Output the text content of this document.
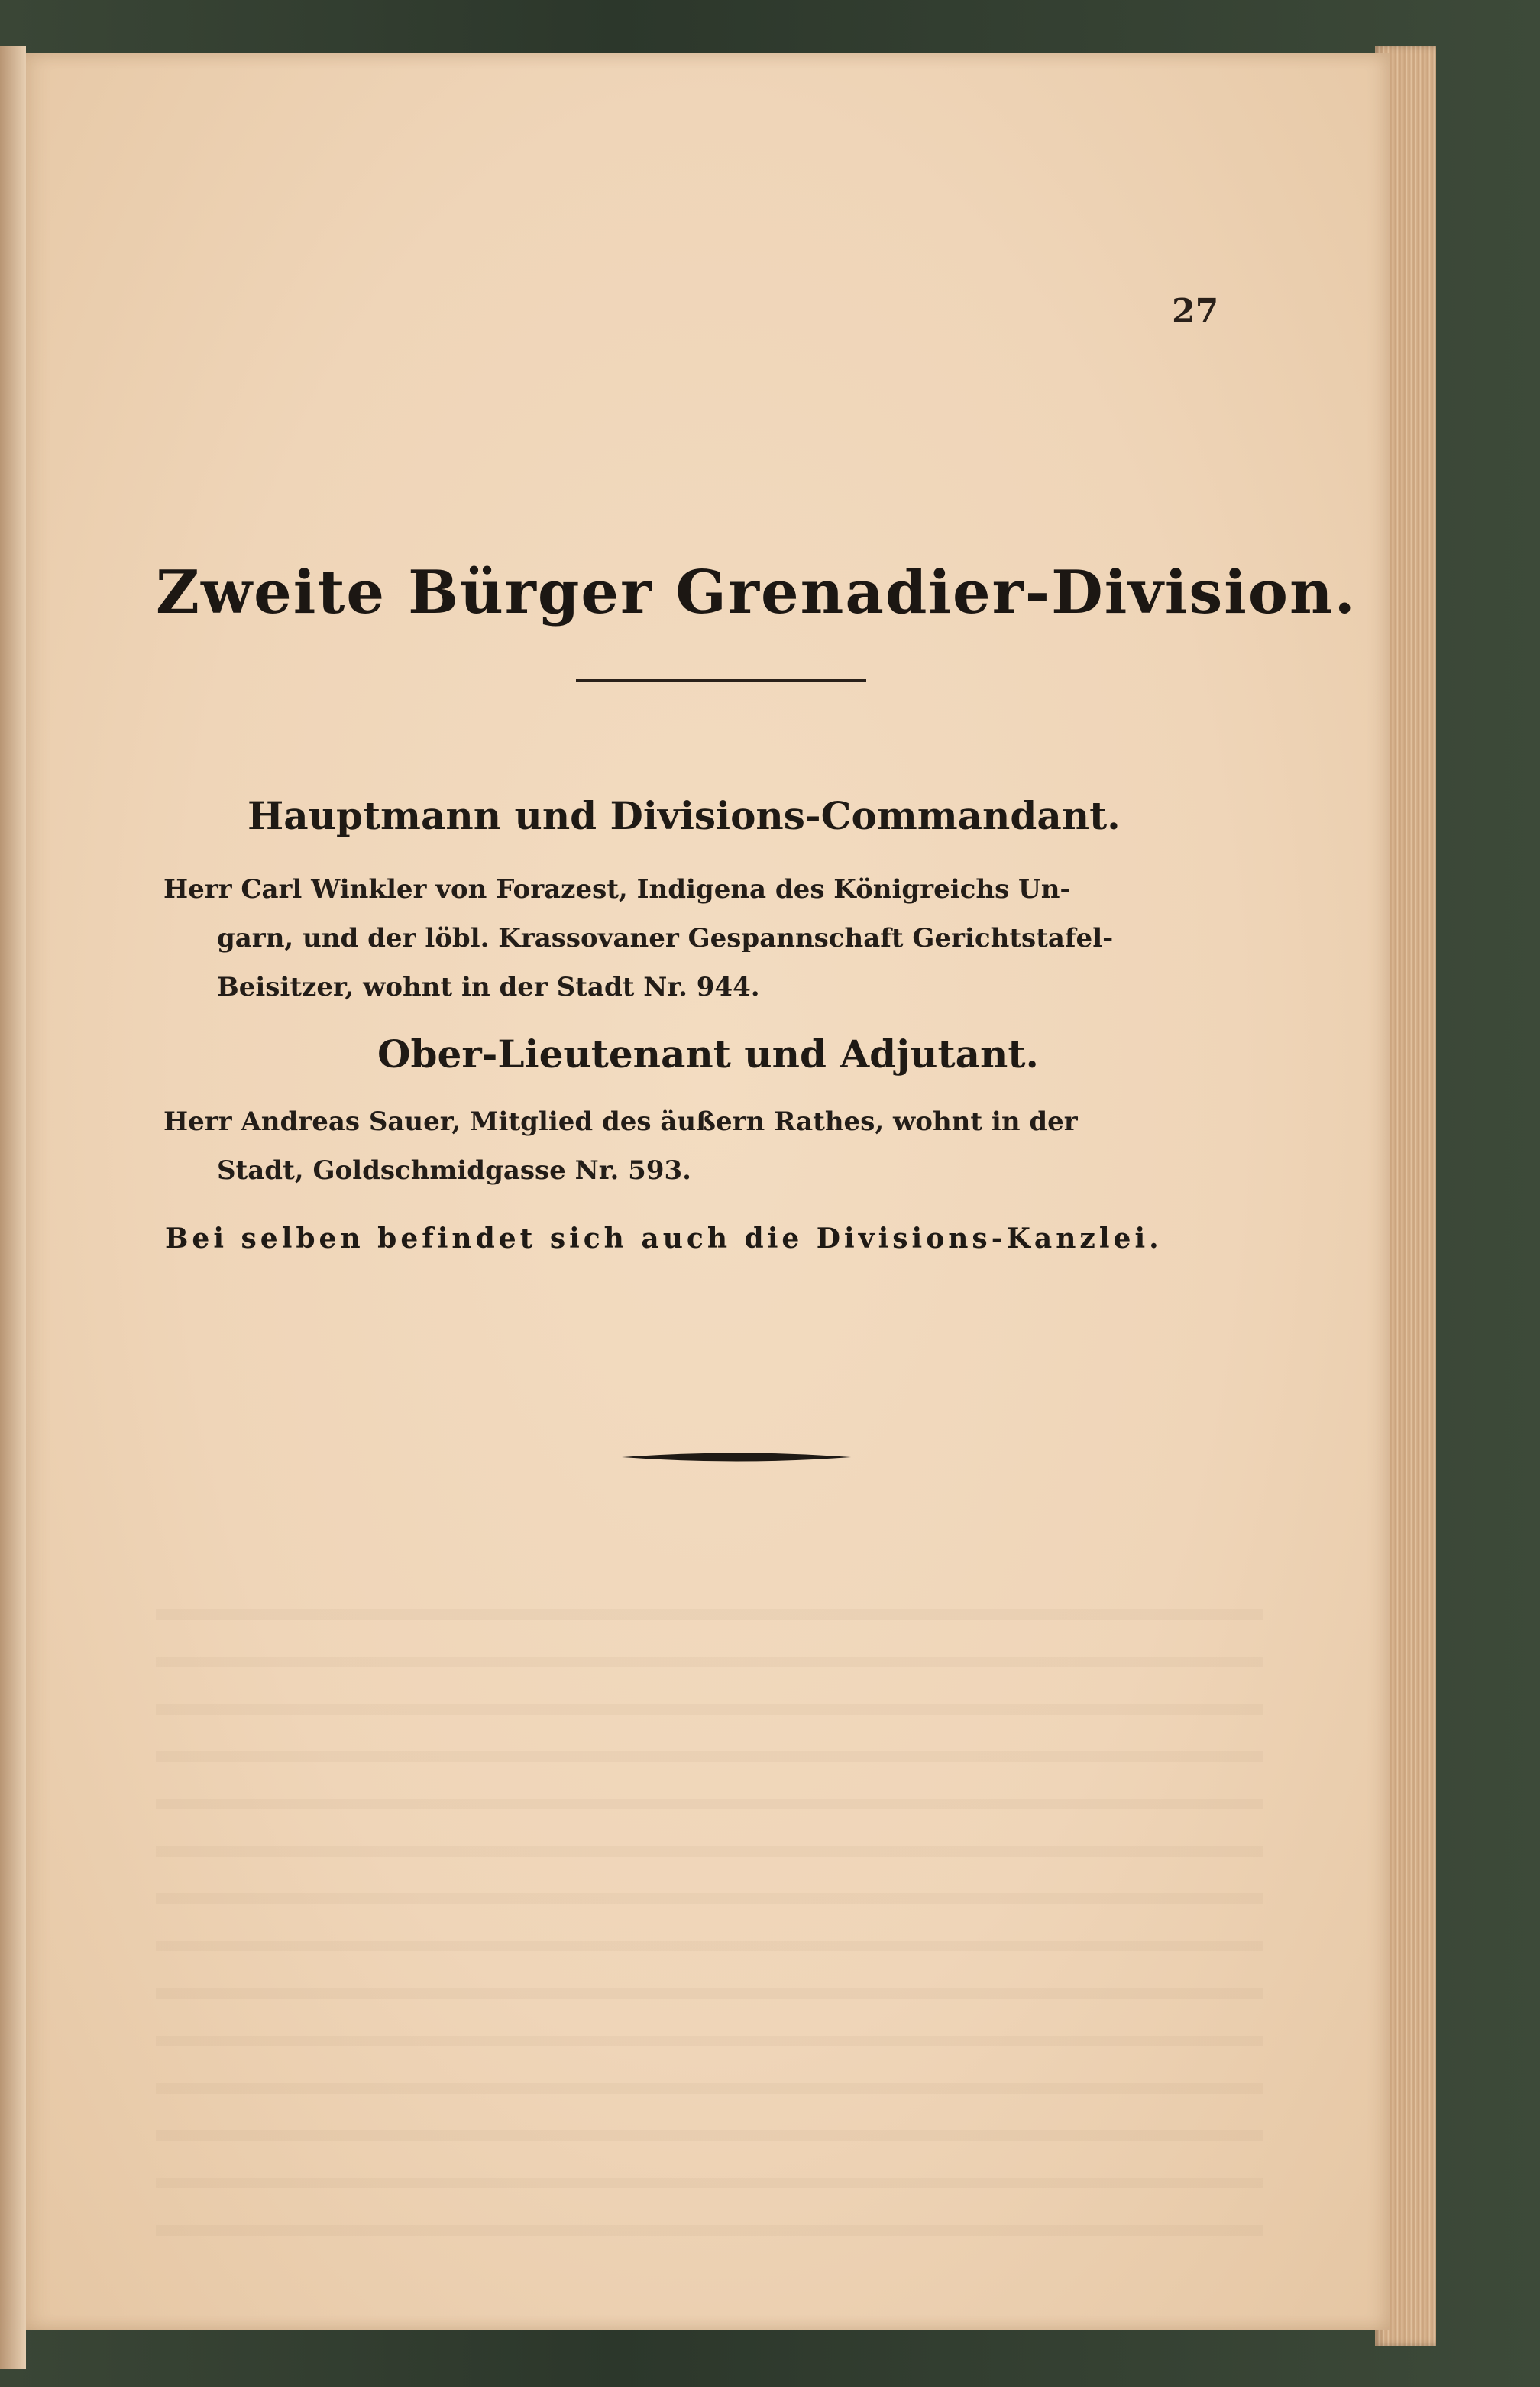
27
Zweite Bürger Grenadier-Division.
Hauptmann und Divisions-Commandant.
Herr Carl Winkler von Forazest, Indigena des Königreichs Un-
garn, und der löbl. Krassovaner Gespannschaft Gerichtstafel-
Beisitzer, wohnt in der Stadt Nr. 944.
Ober-Lieutenant und Adjutant.
Herr Andreas Sauer, Mitglied des äußern Rathes, wohnt in der
Stadt, Goldschmidgasse Nr. 593.
Bei selben befindet sich auch die Divisions-Kanzlei.
